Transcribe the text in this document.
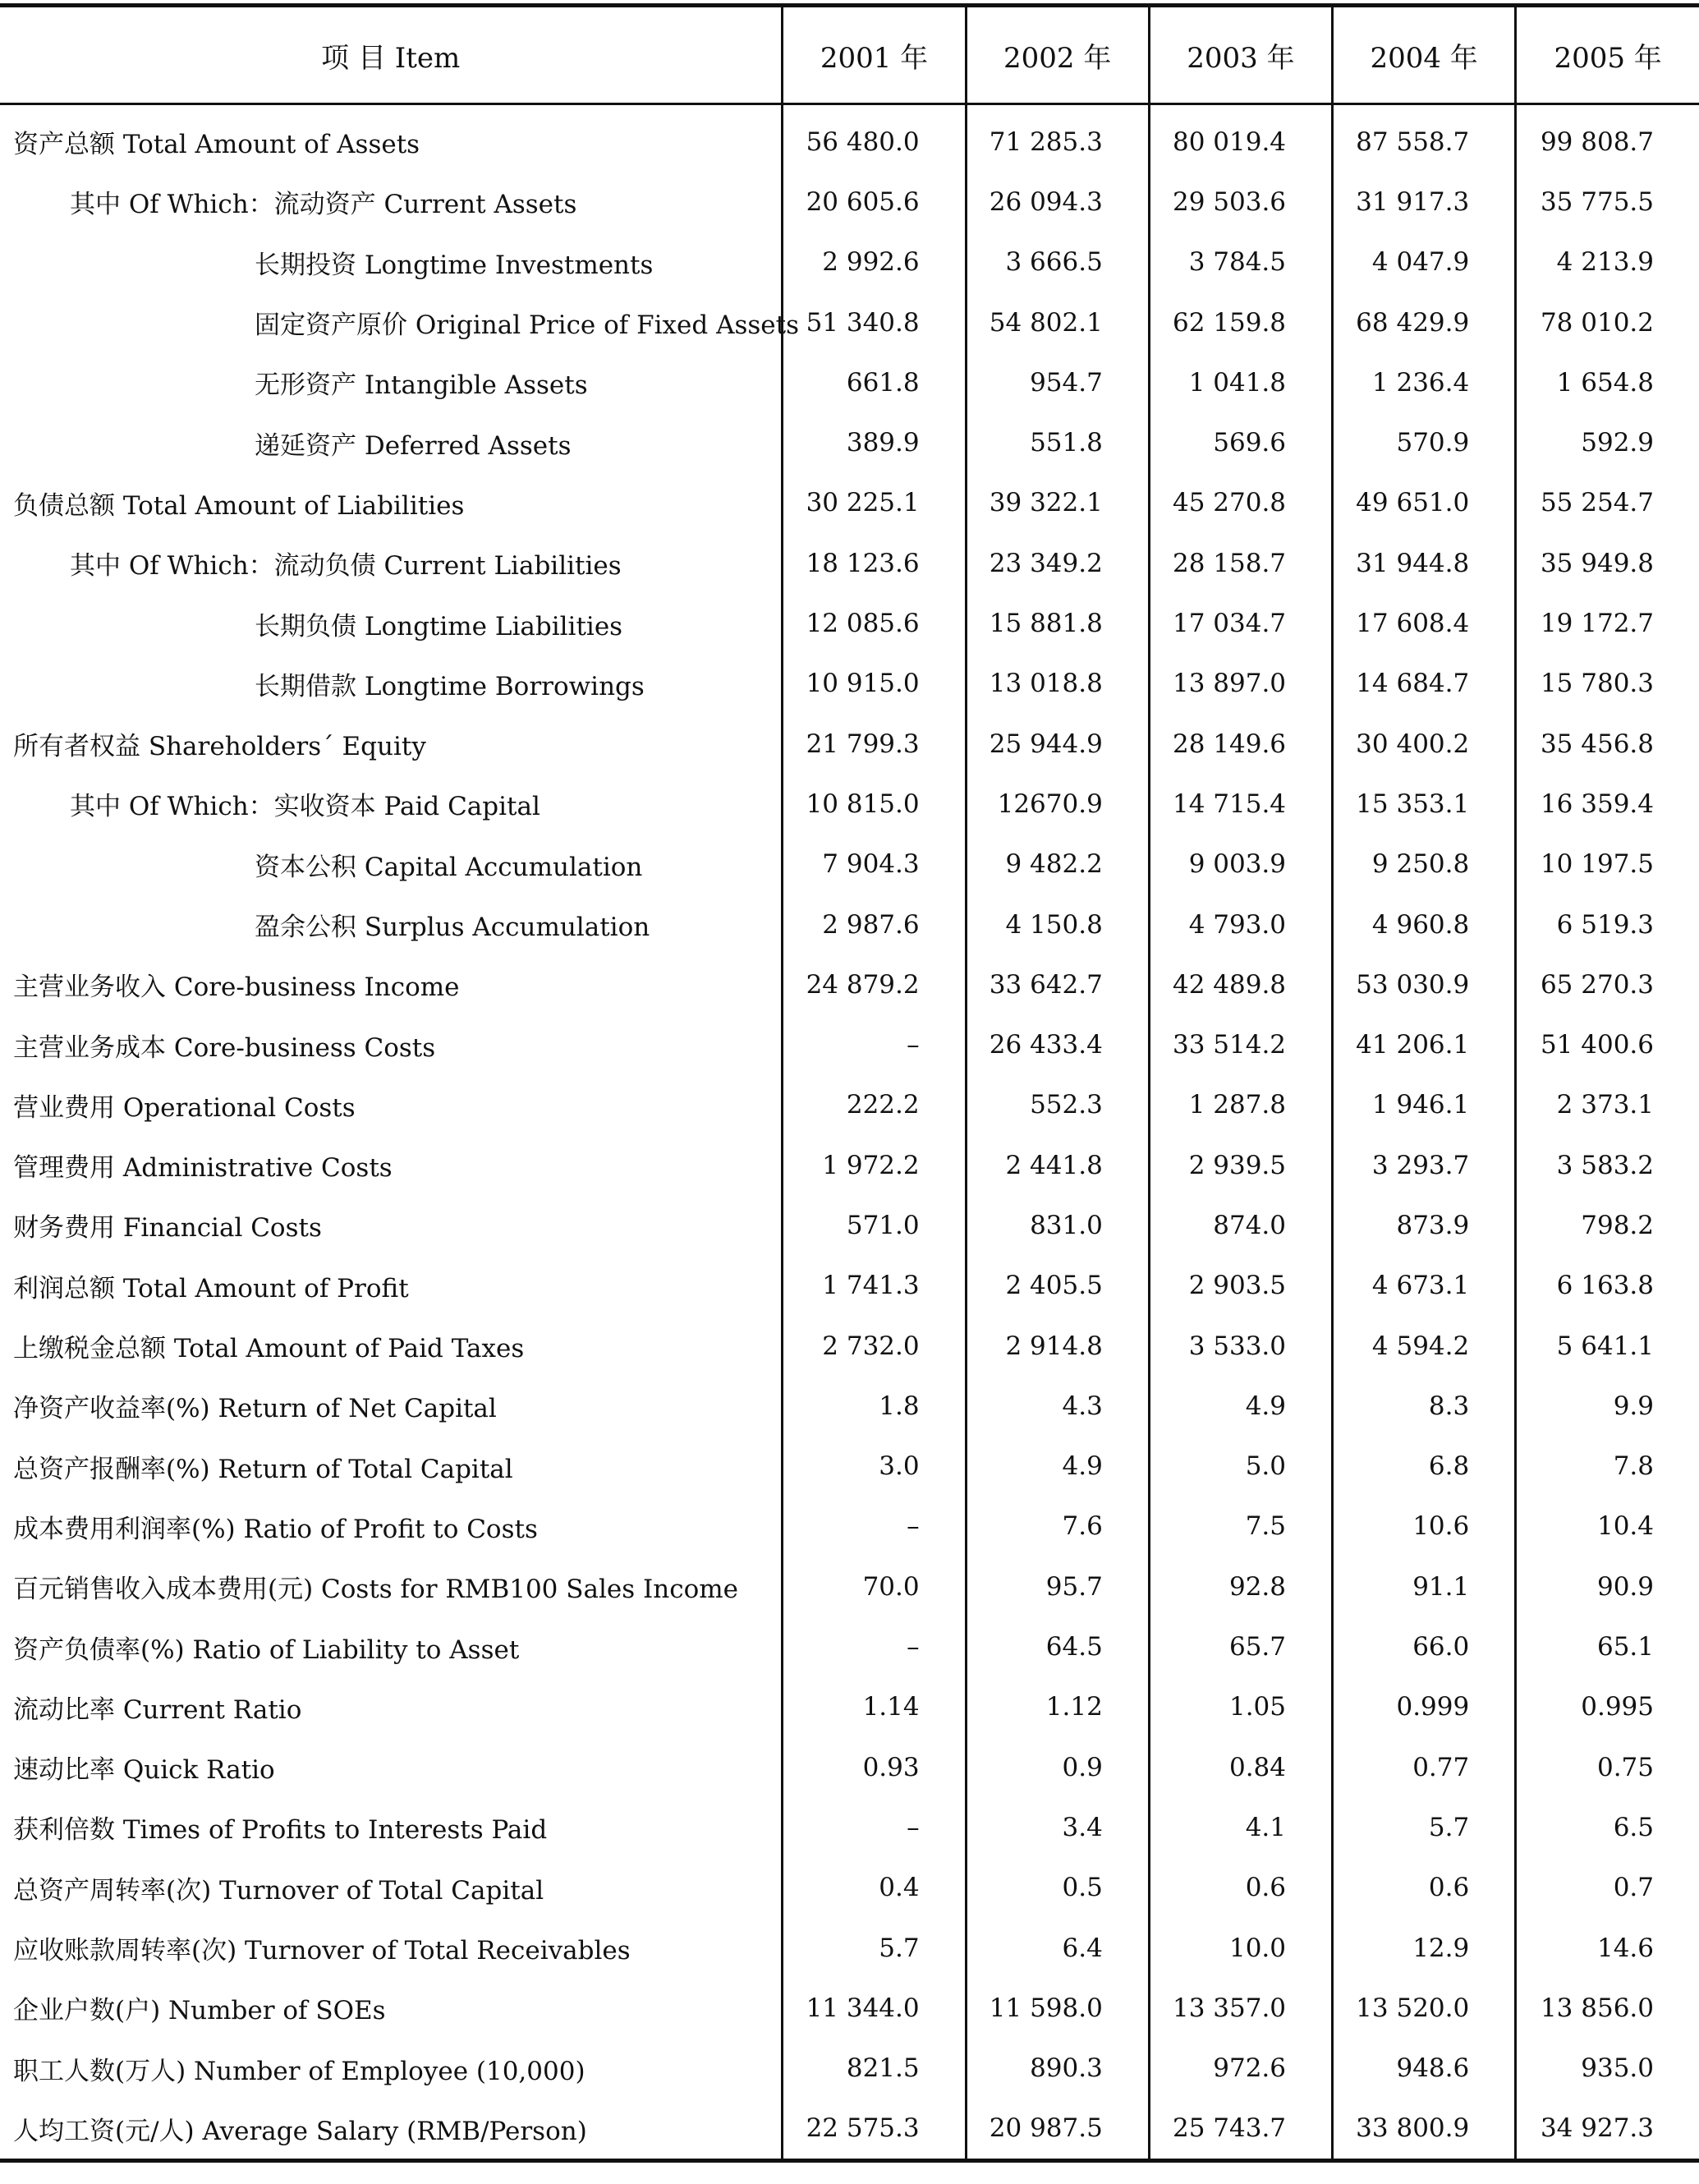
项 目 Item	2001 年	2002 年	2003 年	2004 年	2005 年
资产总额 Total Amount of Assets	56 480.0	71 285.3	80 019.4	87 558.7	99 808.7
其中 Of Which：流动资产 Current Assets	20 605.6	26 094.3	29 503.6	31 917.3	35 775.5
长期投资 Longtime Investments	2 992.6	3 666.5	3 784.5	4 047.9	4 213.9
固定资产原价 Original Price of Fixed Assets	51 340.8	54 802.1	62 159.8	68 429.9	78 010.2
无形资产 Intangible Assets	661.8	954.7	1 041.8	1 236.4	1 654.8
递延资产 Deferred Assets	389.9	551.8	569.6	570.9	592.9
负债总额 Total Amount of Liabilities	30 225.1	39 322.1	45 270.8	49 651.0	55 254.7
其中 Of Which：流动负债 Current Liabilities	18 123.6	23 349.2	28 158.7	31 944.8	35 949.8
长期负债 Longtime Liabilities	12 085.6	15 881.8	17 034.7	17 608.4	19 172.7
长期借款 Longtime Borrowings	10 915.0	13 018.8	13 897.0	14 684.7	15 780.3
所有者权益 Shareholders´ Equity	21 799.3	25 944.9	28 149.6	30 400.2	35 456.8
其中 Of Which：实收资本 Paid Capital	10 815.0	12670.9	14 715.4	15 353.1	16 359.4
资本公积 Capital Accumulation	7 904.3	9 482.2	9 003.9	9 250.8	10 197.5
盈余公积 Surplus Accumulation	2 987.6	4 150.8	4 793.0	4 960.8	6 519.3
主营业务收入 Core-business Income	24 879.2	33 642.7	42 489.8	53 030.9	65 270.3
主营业务成本 Core-business Costs	–	26 433.4	33 514.2	41 206.1	51 400.6
营业费用 Operational Costs	222.2	552.3	1 287.8	1 946.1	2 373.1
管理费用 Administrative Costs	1 972.2	2 441.8	2 939.5	3 293.7	3 583.2
财务费用 Financial Costs	571.0	831.0	874.0	873.9	798.2
利润总额 Total Amount of Profit	1 741.3	2 405.5	2 903.5	4 673.1	6 163.8
上缴税金总额 Total Amount of Paid Taxes	2 732.0	2 914.8	3 533.0	4 594.2	5 641.1
净资产收益率(%) Return of Net Capital	1.8	4.3	4.9	8.3	9.9
总资产报酬率(%) Return of Total Capital	3.0	4.9	5.0	6.8	7.8
成本费用利润率(%) Ratio of Profit to Costs	–	7.6	7.5	10.6	10.4
百元销售收入成本费用(元) Costs for RMB100 Sales Income	70.0	95.7	92.8	91.1	90.9
资产负债率(%) Ratio of Liability to Asset	–	64.5	65.7	66.0	65.1
流动比率 Current Ratio	1.14	1.12	1.05	0.999	0.995
速动比率 Quick Ratio	0.93	0.9	0.84	0.77	0.75
获利倍数 Times of Profits to Interests Paid	–	3.4	4.1	5.7	6.5
总资产周转率(次) Turnover of Total Capital	0.4	0.5	0.6	0.6	0.7
应收账款周转率(次) Turnover of Total Receivables	5.7	6.4	10.0	12.9	14.6
企业户数(户) Number of SOEs	11 344.0	11 598.0	13 357.0	13 520.0	13 856.0
职工人数(万人) Number of Employee (10,000)	821.5	890.3	972.6	948.6	935.0
人均工资(元/人) Average Salary (RMB/Person)	22 575.3	20 987.5	25 743.7	33 800.9	34 927.3
